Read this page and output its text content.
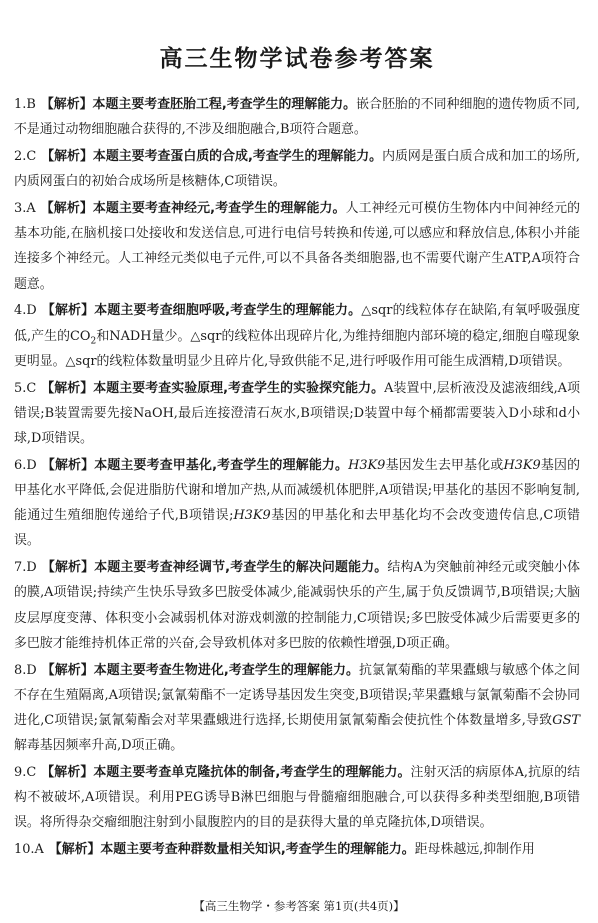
高三生物学试卷参考答案

1.B 【解析】本题主要考查胚胎工程,考查学生的理解能力。嵌合胚胎的不同种细胞的遗传物质不同,不是通过动物细胞融合获得的,不涉及细胞融合,B项符合题意。

2.C 【解析】本题主要考查蛋白质的合成,考查学生的理解能力。内质网是蛋白质合成和加工的场所,内质网蛋白的初始合成场所是核糖体,C项错误。

3.A 【解析】本题主要考查神经元,考查学生的理解能力。人工神经元可模仿生物体内中间神经元的基本功能,在脑机接口处接收和发送信息,可进行电信号转换和传递,可以感应和释放信息,体积小并能连接多个神经元。人工神经元类似电子元件,可以不具备各类细胞器,也不需要代谢产生ATP,A项符合题意。

4.D 【解析】本题主要考查细胞呼吸,考查学生的理解能力。△sqr的线粒体存在缺陷,有氧呼吸强度低,产生的$CO_2$和NADH量少。△sqr的线粒体出现碎片化,为维持细胞内部环境的稳定,细胞自噬现象更明显。△sqr的线粒体数量明显少且碎片化,导致供能不足,进行呼吸作用可能生成酒精,D项错误。

5.C 【解析】本题主要考查实验原理,考查学生的实验探究能力。A装置中,层析液没及滤液细线,A项错误;B装置需要先接NaOH,最后连接澄清石灰水,B项错误;D装置中每个桶都需要装入D小球和d小球,D项错误。

6.D 【解析】本题主要考查甲基化,考查学生的理解能力。H3K9基因发生去甲基化或H3K9基因的甲基化水平降低,会促进脂肪代谢和增加产热,从而减缓机体肥胖,A项错误;甲基化的基因不影响复制,能通过生殖细胞传递给子代,B项错误;H3K9基因的甲基化和去甲基化均不会改变遗传信息,C项错误。

7.D 【解析】本题主要考查神经调节,考查学生的解决问题能力。结构A为突触前神经元或突触小体的膜,A项错误;持续产生快乐导致多巴胺受体减少,能减弱快乐的产生,属于负反馈调节,B项错误;大脑皮层厚度变薄、体积变小会减弱机体对游戏刺激的控制能力,C项错误;多巴胺受体减少后需要更多的多巴胺才能维持机体正常的兴奋,会导致机体对多巴胺的依赖性增强,D项正确。

8.D 【解析】本题主要考查生物进化,考查学生的理解能力。抗氯氰菊酯的苹果蠹蛾与敏感个体之间不存在生殖隔离,A项错误;氯氰菊酯不一定诱导基因发生突变,B项错误;苹果蠹蛾与氯氰菊酯不会协同进化,C项错误;氯氰菊酯会对苹果蠹蛾进行选择,长期使用氯氰菊酯会使抗性个体数量增多,导致GST解毒基因频率升高,D项正确。

9.C 【解析】本题主要考查单克隆抗体的制备,考查学生的理解能力。注射灭活的病原体A,抗原的结构不被破坏,A项错误。利用PEG诱导B淋巴细胞与骨髓瘤细胞融合,可以获得多种类型细胞,B项错误。将所得杂交瘤细胞注射到小鼠腹腔内的目的是获得大量的单克隆抗体,D项错误。

10.A 【解析】本题主要考查种群数量相关知识,考查学生的理解能力。距母株越远,抑制作用

【高三生物学・参考答案 第1页(共4页)】
